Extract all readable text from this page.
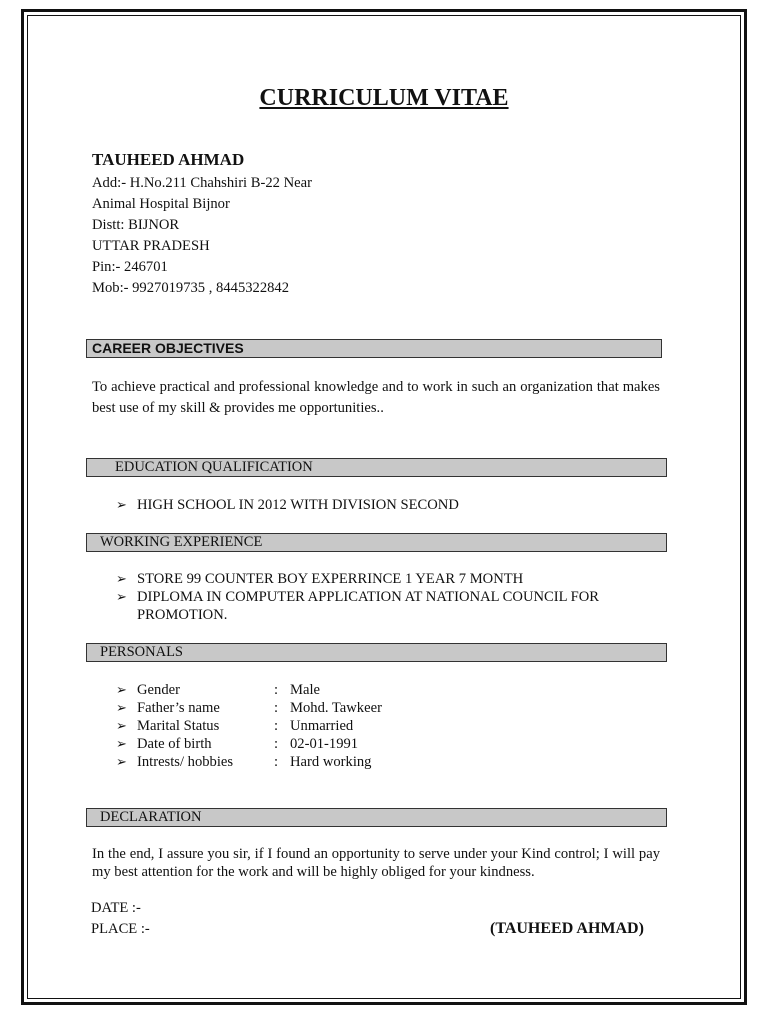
CURRICULUM VITAE
TAUHEED AHMAD
Add:- H.No.211 Chahshiri B-22 Near
Animal Hospital Bijnor
Distt: BIJNOR
UTTAR PRADESH
Pin:- 246701
Mob:- 9927019735 , 8445322842
CAREER OBJECTIVES
To achieve practical and professional knowledge and to work in such an organization that makes best use of my skill & provides me opportunities..
EDUCATION QUALIFICATION
➢ HIGH SCHOOL IN 2012 WITH DIVISION SECOND
WORKING EXPERIENCE
➢ STORE 99 COUNTER BOY EXPERRINCE 1 YEAR 7 MONTH
➢ DIPLOMA IN COMPUTER APPLICATION AT NATIONAL COUNCIL FOR PROMOTION.
PERSONALS
➢ Gender	: Male
➢ Father’s name	: Mohd. Tawkeer
➢ Marital Status	: Unmarried
➢ Date of birth	: 02-01-1991
➢ Intrests/ hobbies	: Hard working
DECLARATION
In the end, I assure you sir, if I found an opportunity to serve under your Kind control; I will pay my best attention for the work and will be highly obliged for your kindness.
DATE :-
PLACE :-	(TAUHEED AHMAD)
